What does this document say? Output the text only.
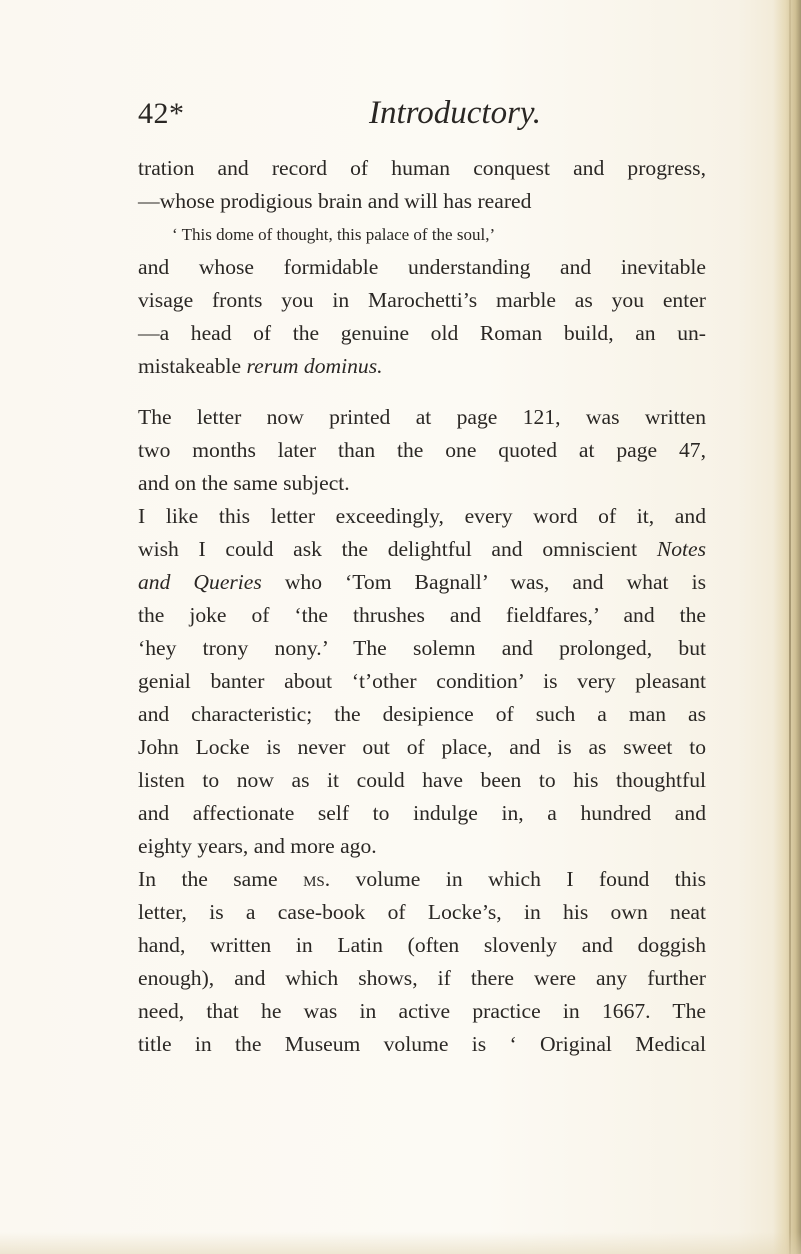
42*	Introductory.
tration and record of human conquest and progress,
—whose prodigious brain and will has reared
‘ This dome of thought, this palace of the soul,’
and whose formidable understanding and inevitable
visage fronts you in Marochetti’s marble as you enter
—a head of the genuine old Roman build, an un-
mistakeable rerum dominus.
The letter now printed at page 121, was written
two months later than the one quoted at page 47,
and on the same subject.
I like this letter exceedingly, every word of it, and
wish I could ask the delightful and omniscient Notes
and Queries who ‘Tom Bagnall’ was, and what is
the joke of ‘the thrushes and fieldfares,’ and the
‘hey trony nony.’ The solemn and prolonged, but
genial banter about ‘t’other condition’ is very pleasant
and characteristic; the desipience of such a man as
John Locke is never out of place, and is as sweet to
listen to now as it could have been to his thoughtful
and affectionate self to indulge in, a hundred and
eighty years, and more ago.
In the same ms. volume in which I found this
letter, is a case-book of Locke’s, in his own neat
hand, written in Latin (often slovenly and doggish
enough), and which shows, if there were any further
need, that he was in active practice in 1667. The
title in the Museum volume is ‘ Original Medical
